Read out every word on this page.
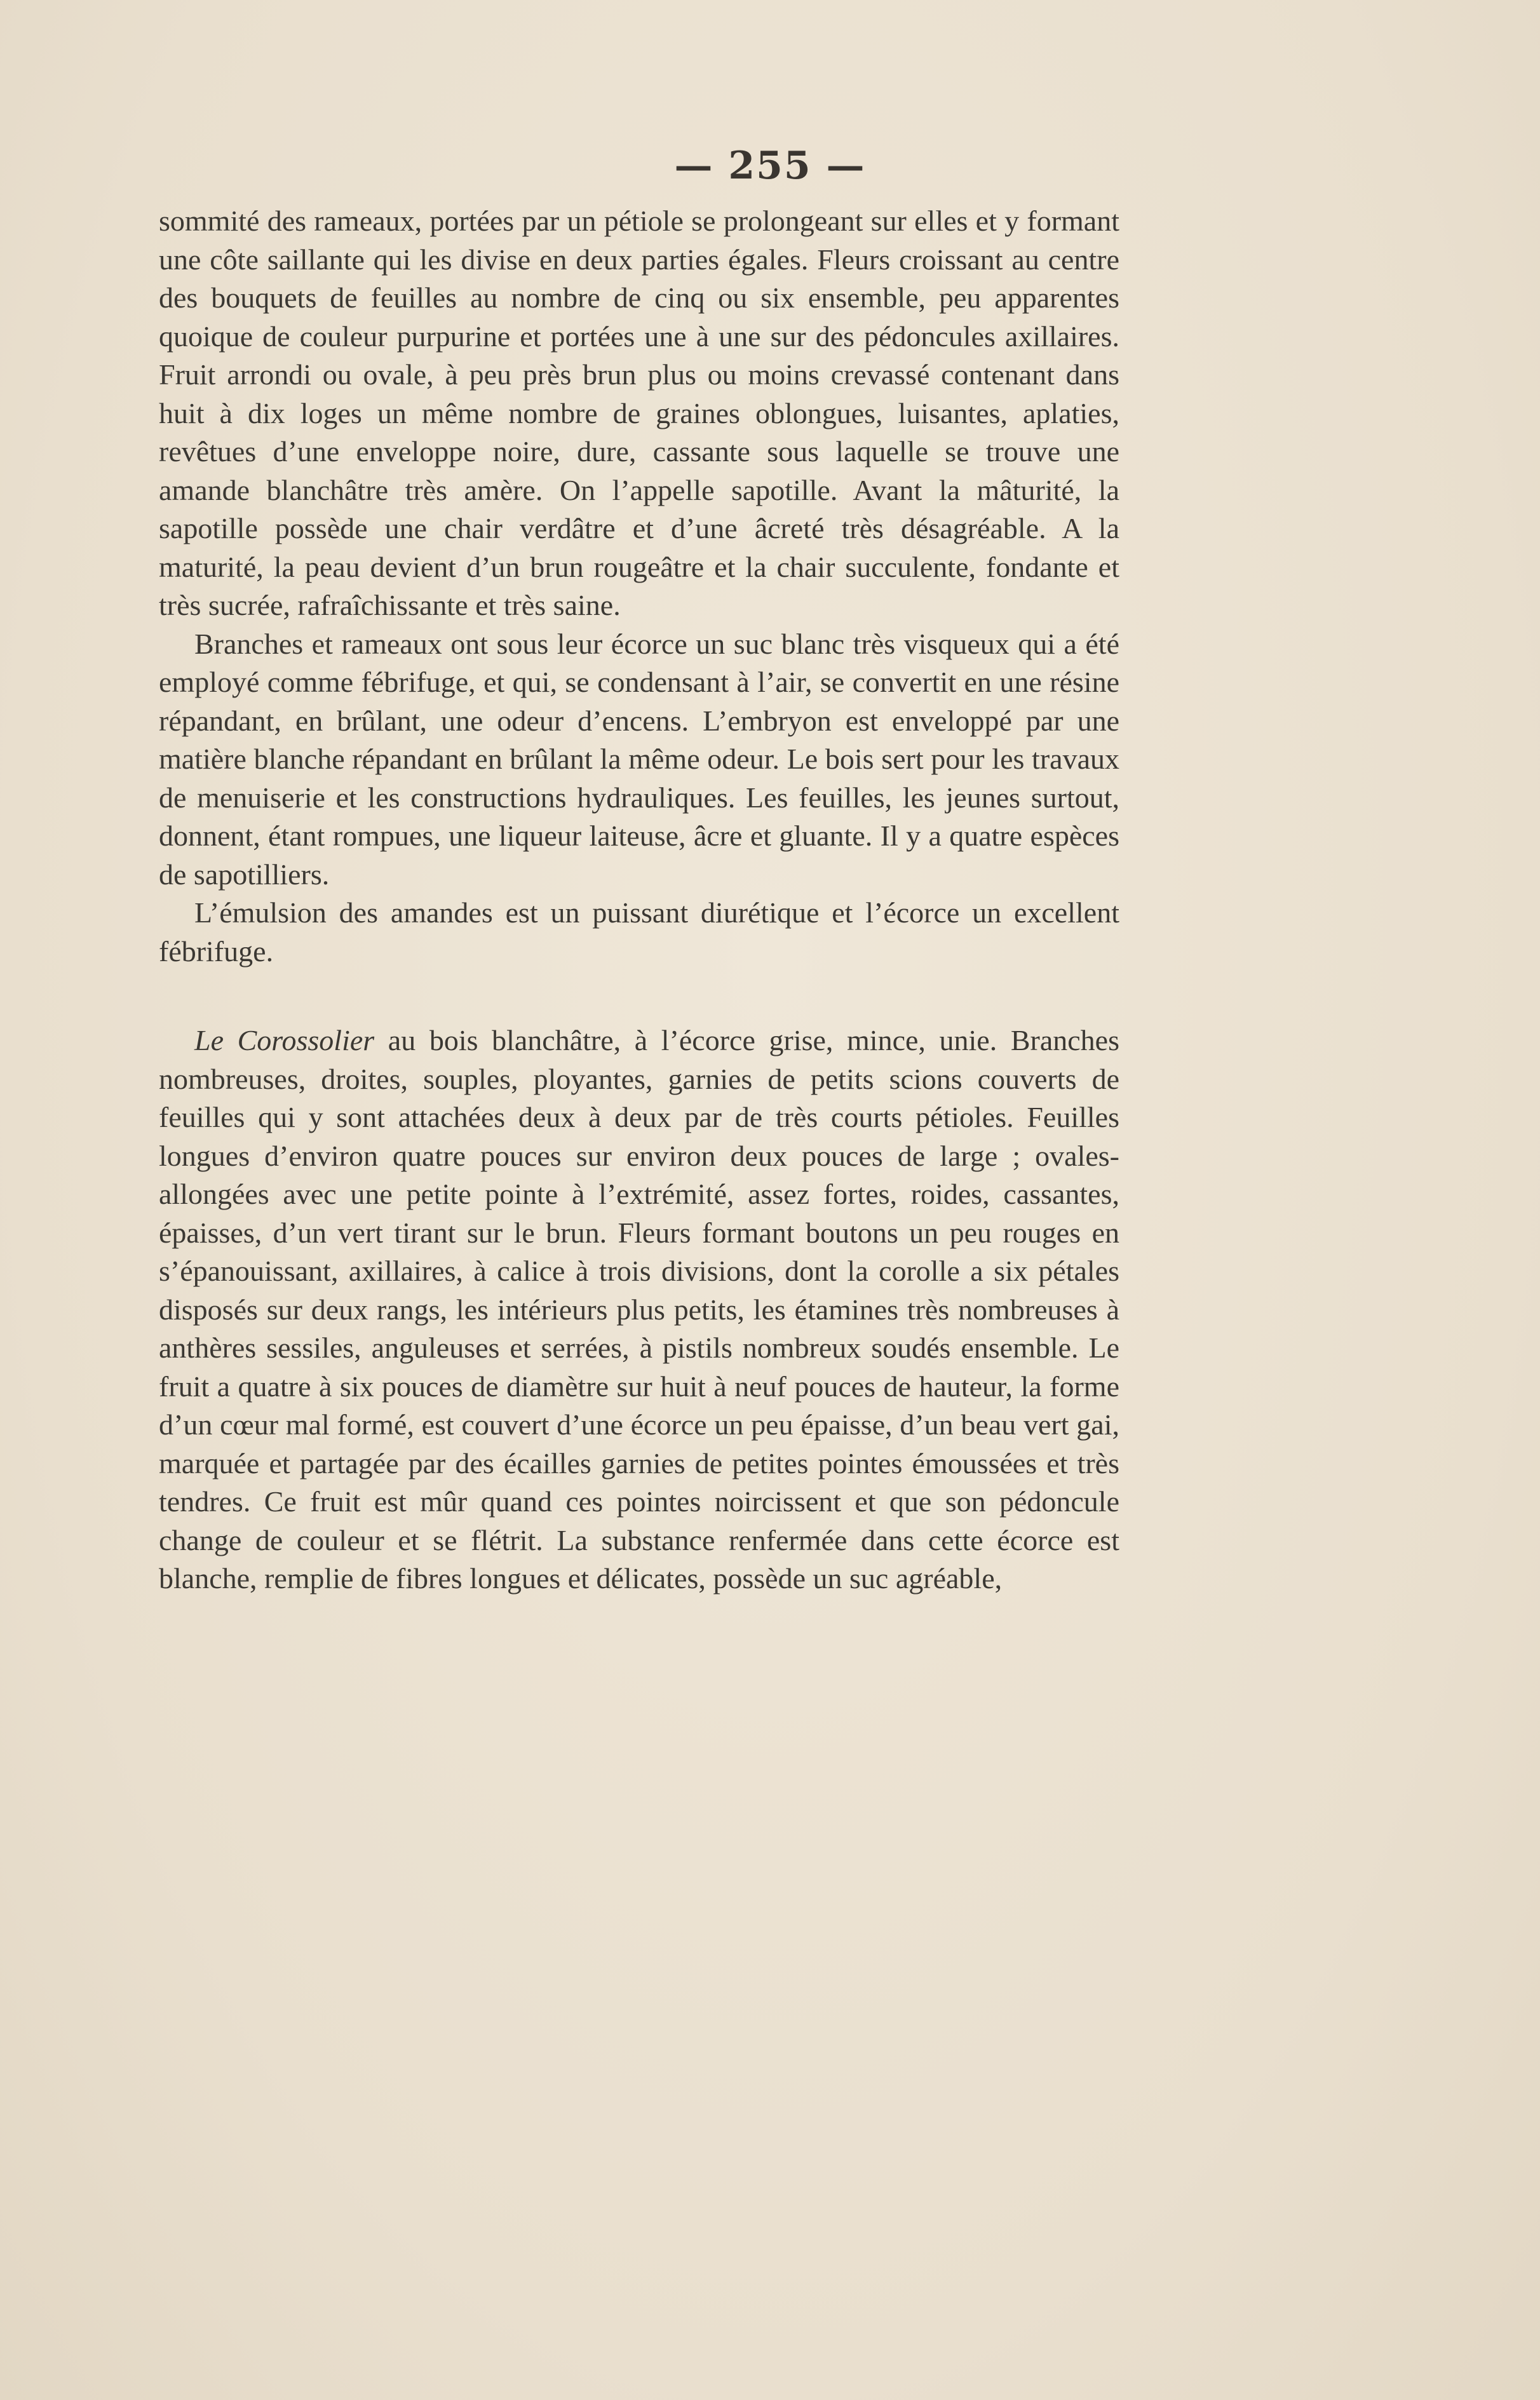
— 255 —

sommité des rameaux, portées par un pétiole se prolongeant sur elles et y formant une côte saillante qui les divise en deux parties égales. Fleurs croissant au centre des bouquets de feuilles au nombre de cinq ou six ensemble, peu apparentes quoique de couleur purpurine et portées une à une sur des pédoncules axillaires. Fruit arrondi ou ovale, à peu près brun plus ou moins crevassé contenant dans huit à dix loges un même nombre de graines oblongues, luisantes, aplaties, revêtues d’une enveloppe noire, dure, cassante sous laquelle se trouve une amande blanchâtre très amère. On l’appelle sapotille. Avant la mâturité, la sapotille possède une chair verdâtre et d’une âcreté très désagréable. A la maturité, la peau devient d’un brun rougeâtre et la chair succulente, fondante et très sucrée, rafraîchissante et très saine.

Branches et rameaux ont sous leur écorce un suc blanc très visqueux qui a été employé comme fébrifuge, et qui, se condensant à l’air, se convertit en une résine répandant, en brûlant, une odeur d’encens. L’embryon est enveloppé par une matière blanche répandant en brûlant la même odeur. Le bois sert pour les travaux de menuiserie et les constructions hydrauliques. Les feuilles, les jeunes surtout, donnent, étant rompues, une liqueur laiteuse, âcre et gluante. Il y a quatre espèces de sapotilliers.

L’émulsion des amandes est un puissant diurétique et l’écorce un excellent fébrifuge.

Le Corossolier au bois blanchâtre, à l’écorce grise, mince, unie. Branches nombreuses, droites, souples, ployantes, garnies de petits scions couverts de feuilles qui y sont attachées deux à deux par de très courts pétioles. Feuilles longues d’environ quatre pouces sur environ deux pouces de large ; ovales-allongées avec une petite pointe à l’extrémité, assez fortes, roides, cassantes, épaisses, d’un vert tirant sur le brun. Fleurs formant boutons un peu rouges en s’épanouissant, axillaires, à calice à trois divisions, dont la corolle a six pétales disposés sur deux rangs, les intérieurs plus petits, les étamines très nombreuses à anthères sessiles, anguleuses et serrées, à pistils nombreux soudés ensemble. Le fruit a quatre à six pouces de diamètre sur huit à neuf pouces de hauteur, la forme d’un cœur mal formé, est couvert d’une écorce un peu épaisse, d’un beau vert gai, marquée et partagée par des écailles garnies de petites pointes émoussées et très tendres. Ce fruit est mûr quand ces pointes noircissent et que son pédoncule change de couleur et se flétrit. La substance renfermée dans cette écorce est blanche, remplie de fibres longues et délicates, possède un suc agréable,
